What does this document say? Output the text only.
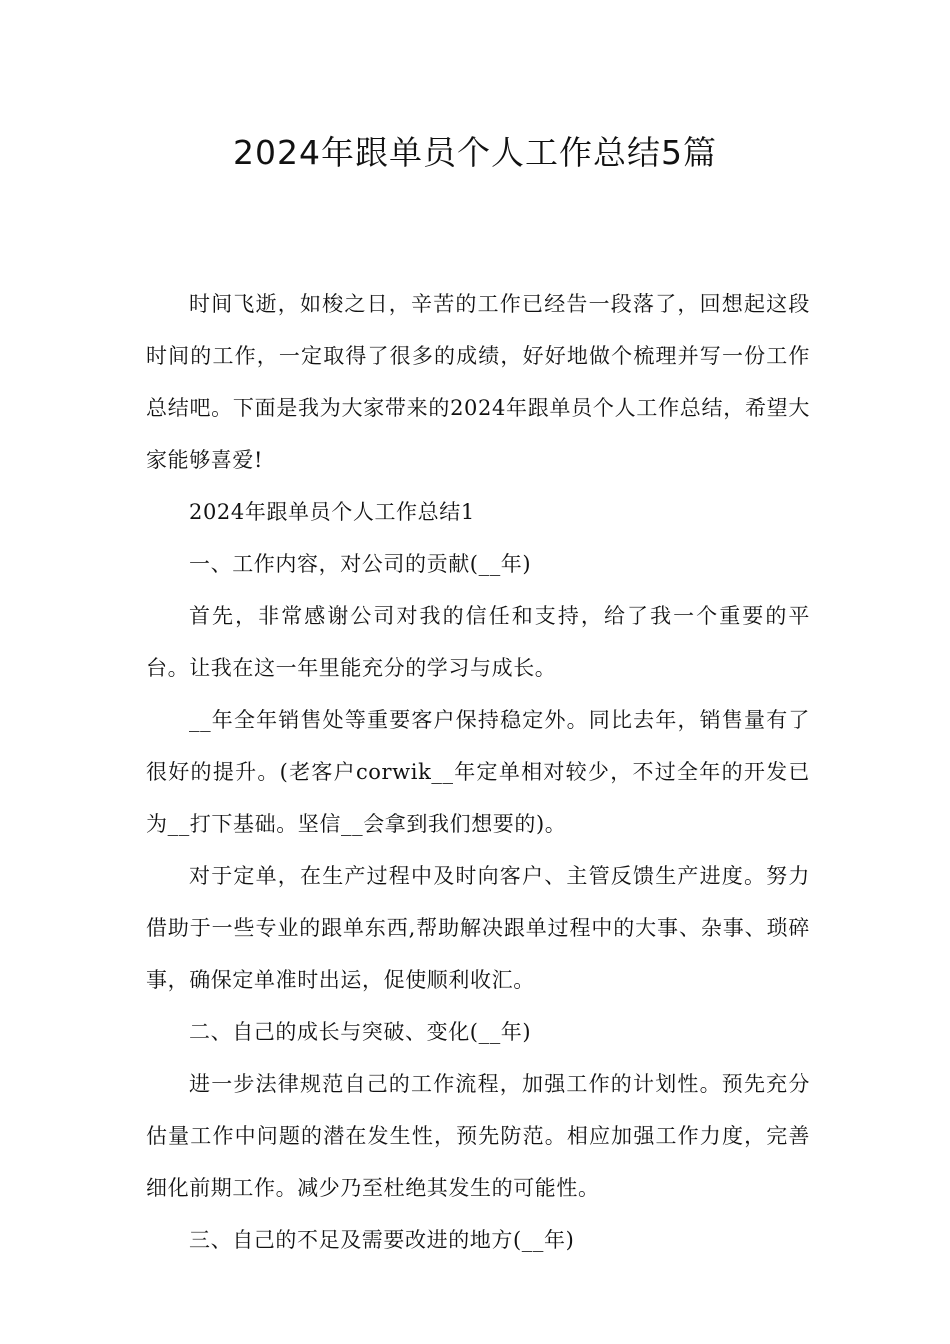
2024年跟单员个人工作总结5篇

时间飞逝，如梭之日，辛苦的工作已经告一段落了，回想起这段时间的工作，一定取得了很多的成绩，好好地做个梳理并写一份工作总结吧。下面是我为大家带来的2024年跟单员个人工作总结，希望大家能够喜爱!

2024年跟单员个人工作总结1

一、工作内容，对公司的贡献(__年)

首先，非常感谢公司对我的信任和支持，给了我一个重要的平台。让我在这一年里能充分的学习与成长。

__年全年销售处等重要客户保持稳定外。同比去年，销售量有了很好的提升。(老客户corwik__年定单相对较少，不过全年的开发已为__打下基础。坚信__会拿到我们想要的)。

对于定单，在生产过程中及时向客户、主管反馈生产进度。努力借助于一些专业的跟单东西,帮助解决跟单过程中的大事、杂事、琐碎事，确保定单准时出运，促使顺利收汇。

二、自己的成长与突破、变化(__年)

进一步法律规范自己的工作流程，加强工作的计划性。预先充分估量工作中问题的潜在发生性，预先防范。相应加强工作力度，完善细化前期工作。减少乃至杜绝其发生的可能性。

三、自己的不足及需要改进的地方(__年)
